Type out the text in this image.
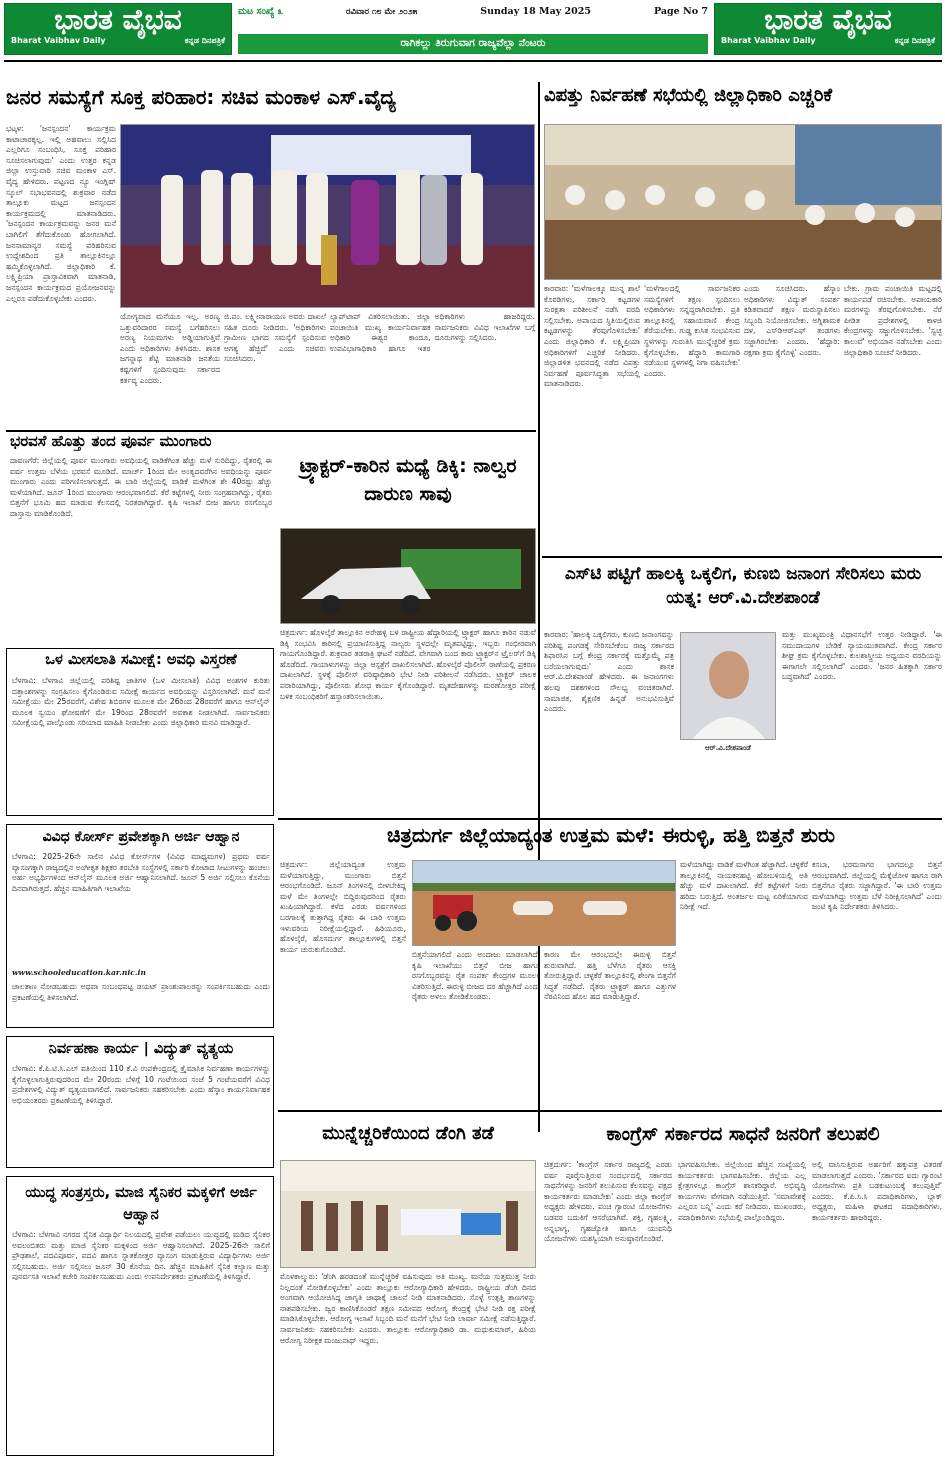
ಭಾರತ ವೈಭವ
Bharat Vaibhav Daily	ಕನ್ನಡ ದಿನಪತ್ರಿಕೆ
ಭಾರತ ವೈಭವ
Bharat Vaibhav Daily	ಕನ್ನಡ ದಿನಪತ್ರಿಕೆ
ಮಟ ಸಂಖ್ಯೆ ೩	ರವಿವಾರ ೧೮ ಮೇ ೨೦೨೫	Sunday 18 May 2025	Page No 7
ರಾಗಿಕಲ್ಲು ತಿರುಗುವಾಗ ರಾಜ್ಯವೆಲ್ಲಾ ನೆಂಟರು
ಜನರ ಸಮಸ್ಯೆಗೆ ಸೂಕ್ತ ಪರಿಹಾರ: ಸಚಿವ ಮಂಕಾಳ ಎಸ್.ವೈದ್ಯ
ಭಟ್ಕಳ: 'ಜನಸ್ಪಂದನ' ಕಾರ್ಯಕ್ರಮ ಕಾಟಾಚಾರಕ್ಕಲ್ಲ. ಇಲ್ಲಿ ಅಹವಾಲು ಸಲ್ಲಿಸಿದ ಎಲ್ಲರಿಗೂ ಸಂಬಂಧಿಸಿ, ಸೂಕ್ತ ಪರಿಹಾರ ಸೂಚಿಸಲಾಗುವುದು' ಎಂದು ಉತ್ತರ ಕನ್ನಡ ಜಿಲ್ಲಾ ಉಸ್ತುವಾರಿ ಸಚಿವ ಮಂಕಾಳ ಎಸ್. ವೈದ್ಯ ಹೇಳಿದರು. ಪಟ್ಟಣದ ನ್ಯೂ ಇಂಗ್ಲಿಷ್ ಸ್ಕೂಲ್ ಸಭಾಭವನದಲ್ಲಿ ಶುಕ್ರವಾರ ನಡೆದ ತಾಲ್ಲೂಕು ಮಟ್ಟದ ಜನಸ್ಪಂದನ ಕಾರ್ಯಕ್ರಮದಲ್ಲಿ ಮಾತನಾಡಿದರು. 'ಜನಸ್ಪಂದನ ಕಾರ್ಯಕ್ರಮವನ್ನು ಜನರ ಮನೆ ಬಾಗಿಲಿಗೆ ತೆಗೆದುಕೊಂಡು ಹೋಗಲಾಗಿದೆ. ಜನಸಾಮಾನ್ಯರ ಸಮಸ್ಯೆ ಪರಿಹರಿಸುವ ಉದ್ದೇಶದಿಂದ ಪ್ರತಿ ತಾಲ್ಲೂಕಿನಲ್ಲೂ ಹಮ್ಮಿಕೊಳ್ಳಲಾಗಿದೆ. ಜಿಲ್ಲಾಧಿಕಾರಿ ಕೆ. ಲಕ್ಷ್ಮಿಪ್ರಿಯಾ ಪ್ರಾಸ್ತಾವಿಕವಾಗಿ ಮಾತನಾಡಿ, ಜನಸ್ಪಂದನ ಕಾರ್ಯಕ್ರಮದ ಪ್ರಯೋಜನವನ್ನು ಎಲ್ಲರೂ ಪಡೆದುಕೊಳ್ಳಬೇಕು ಎಂದರು.
ಯೋಗ್ಯವಾದ ಮನೆಯೂ ಇಲ್ಲ. ಅರಣ್ಯ ಒತ್ತುವರಿದಾರರ ಸಮಸ್ಯೆ ಬಗೆಹರಿಸಲು ಅರಣ್ಯ ನಿಯಮಗಳು ಅಡ್ಡಿಯಾಗುತ್ತಿವೆ ಎಂದು ಅಧಿಕಾರಿಗಳು ತಿಳಿಸಿದರು. ಶಾಸಕ ಜಗನ್ನಾಥ ಶೆಟ್ಟಿ ಮಾತನಾಡಿ ಜನತೆಯ ಕಷ್ಟಗಳಿಗೆ ಸ್ಪಂದಿಸುವುದು ಸರ್ಕಾರದ ಕರ್ತವ್ಯ ಎಂದರು.
ಜಿ.ಪಂ. ಲಕ್ಷ್ಮೀನಾರಾಯಣ ಅವರು ದಾಖಲೆ ಸಹಿತ ದೂರು ನೀಡಿದರು. 'ಅಧಿಕಾರಿಗಳು ಗ್ರಾಮೀಣ ಭಾಗದ ಸಮಸ್ಯೆಗೆ ಸ್ಪಂದಿಸುವ ಅಗತ್ಯ ಹೆಚ್ಚಿದೆ' ಎಂದು ಸಚಿವರು ಸೂಚಿಸಿದರು.
ಲ್ಯಾಪ್‌ಟಾಪ್ ವಿತರಿಸಲಾಯಿತು. ಜಿಲ್ಲಾ ಪಂಚಾಯಿತಿ ಮುಖ್ಯ ಕಾರ್ಯನಿರ್ವಾಹಕ ಅಧಿಕಾರಿ ಈಶ್ವರ ಕಾಂದೂ, ಉಪವಿಭಾಗಾಧಿಕಾರಿ ಹಾಗೂ ಇತರ ಅಧಿಕಾರಿಗಳು ಹಾಜರಿದ್ದರು. ಸಾರ್ವಜನಿಕರು ವಿವಿಧ ಇಲಾಖೆಗಳ ಬಗ್ಗೆ ದೂರುಗಳನ್ನು ಸಲ್ಲಿಸಿದರು.
ವಿಪತ್ತು ನಿರ್ವಹಣೆ ಸಭೆಯಲ್ಲಿ ಜಿಲ್ಲಾಧಿಕಾರಿ ಎಚ್ಚರಿಕೆ
ಕಾರವಾರ: 'ಮಳೆಗಾಲಕ್ಕೂ ಮುನ್ನ ಶಾಲೆ ಕೊಠಡಿಗಳು, ಸರ್ಕಾರಿ ಕಟ್ಟಡಗಳ ಸುರಕ್ಷತಾ ಪರಿಶೀಲನೆ ನಡೆಸಿ ವರದಿ ಸಲ್ಲಿಸಬೇಕು. ಅಪಾಯದ ಸ್ಥಿತಿಯಲ್ಲಿರುವ ಕಟ್ಟಡಗಳನ್ನು ತೆರವುಗೊಳಿಸಬೇಕು' ಎಂದು ಜಿಲ್ಲಾಧಿಕಾರಿ ಕೆ. ಲಕ್ಷ್ಮಿಪ್ರಿಯಾ ಅಧಿಕಾರಿಗಳಿಗೆ ಎಚ್ಚರಿಕೆ ನೀಡಿದರು. ಜಿಲ್ಲಾಡಳಿತ ಭವನದಲ್ಲಿ ನಡೆದ ವಿಪತ್ತು ನಿರ್ವಹಣೆ ಪೂರ್ವಸಿದ್ಧತಾ ಸಭೆಯಲ್ಲಿ ಮಾತನಾಡಿದರು.
'ಮಳೆಗಾಲದಲ್ಲಿ ಸಾರ್ವಜನಿಕರ ಸಮಸ್ಯೆಗಳಿಗೆ ತಕ್ಷಣ ಸ್ಪಂದಿಸಲು ಅಧಿಕಾರಿಗಳು ಸನ್ನದ್ಧರಾಗಿರಬೇಕು. ಪ್ರತಿ ತಾಲ್ಲೂಕಿನಲ್ಲಿ ಸಹಾಯವಾಣಿ ಕೇಂದ್ರ ತೆರೆಯಬೇಕು. ಗುಡ್ಡ ಕುಸಿತ ಸಂಭವಿಸುವ ಸ್ಥಳಗಳನ್ನು ಗುರುತಿಸಿ ಮುನ್ನೆಚ್ಚರಿಕೆ ಕ್ರಮ ಕೈಗೊಳ್ಳಬೇಕು. ಹೆದ್ದಾರಿ ಕಾಮಗಾರಿ ನಡೆಯುವ ಸ್ಥಳಗಳಲ್ಲಿ ನಿಗಾ ವಹಿಸಬೇಕು' ಎಂದರು.
ಎಂದು ಸೂಚಿಸಿದರು. ಹೆಸ್ಕಾಂ ಅಧಿಕಾರಿಗಳು ವಿದ್ಯುತ್ ಸಂಪರ್ಕ ಕಡಿತವಾದರೆ ತಕ್ಷಣ ಮರುಸ್ಥಾಪಿಸಲು ಸಿಬ್ಬಂದಿ ನಿಯೋಜಿಸಬೇಕು. ಅಗ್ನಿಶಾಮಕ ದಳ, ಎಸ್‌ಡಿಆರ್‌ಎಫ್ ತಂಡಗಳು ಸಜ್ಜಾಗಿರಬೇಕು ಎಂದರು. 'ಹೆದ್ದಾರಿ: ರಕ್ಷಣಾ ಕ್ರಮ ಕೈಗೊಳ್ಳಿ' ಎಂದರು.
ಬೇಕು. ಗ್ರಾಮ ಪಂಚಾಯಿತಿ ಮಟ್ಟದಲ್ಲಿ ಕಾರ್ಯಪಡೆ ರಚಿಸಬೇಕು. ಅಪಾಯಕಾರಿ ಮರಗಳನ್ನು ತೆರವುಗೊಳಿಸಬೇಕು. ನೆರೆ ಪೀಡಿತ ಪ್ರದೇಶಗಳಲ್ಲಿ ಕಾಳಜಿ ಕೇಂದ್ರಗಳನ್ನು ಸಜ್ಜುಗೊಳಿಸಬೇಕು. 'ಸ್ವಚ್ಛ ಕಾಲುವೆ' ಅಭಿಯಾನ ನಡೆಸಬೇಕು ಎಂದು ಜಿಲ್ಲಾಧಿಕಾರಿ ಸೂಚನೆ ನೀಡಿದರು.
ಭರವಸೆ ಹೊತ್ತು ತಂದ ಪೂರ್ವ ಮುಂಗಾರು
ದಾವಣಗೆರೆ: ಜಿಲ್ಲೆಯಲ್ಲಿ ಪೂರ್ವ ಮುಂಗಾರು ಅವಧಿಯಲ್ಲಿ ವಾಡಿಕೆಗಿಂತ ಹೆಚ್ಚು ಮಳೆ ಸುರಿದಿದ್ದು, ರೈತರಲ್ಲಿ ಈ ವರ್ಷ ಉತ್ತಮ ಬೆಳೆಯ ಭರವಸೆ ಮೂಡಿದೆ. ಮಾರ್ಚ್ 1ರಿಂದ ಮೇ ಅಂತ್ಯದವರೆಗಿನ ಅವಧಿಯನ್ನು ಪೂರ್ವ ಮುಂಗಾರು ಎಂದು ಪರಿಗಣಿಸಲಾಗುತ್ತದೆ. ಈ ಬಾರಿ ಜಿಲ್ಲೆಯಲ್ಲಿ ವಾಡಿಕೆ ಮಳೆಗಿಂತ ಶೇ 40ರಷ್ಟು ಹೆಚ್ಚು ಮಳೆಯಾಗಿದೆ. ಜೂನ್ 1ರಿಂದ ಮುಂಗಾರು ಆರಂಭವಾಗಲಿದೆ. ಕೆರೆ ಕಟ್ಟೆಗಳಲ್ಲಿ ನೀರು ಸಂಗ್ರಹವಾಗಿದ್ದು, ರೈತರು ಬಿತ್ತನೆಗೆ ಭೂಮಿ ಹದ ಮಾಡುವ ಕೆಲಸದಲ್ಲಿ ನಿರತರಾಗಿದ್ದಾರೆ. ಕೃಷಿ ಇಲಾಖೆ ಬೀಜ ಹಾಗೂ ರಸಗೊಬ್ಬರ ದಾಸ್ತಾನು ಮಾಡಿಕೊಂಡಿದೆ.
ಟ್ರ್ಯಾಕ್ಟರ್-ಕಾರಿನ ಮಧ್ಯೆ ಡಿಕ್ಕಿ: ನಾಲ್ವರ ದಾರುಣ ಸಾವು
ಚಿತ್ರದುರ್ಗ: ಹೊಳಲ್ಕೆರೆ ತಾಲ್ಲೂಕಿನ ಅರೇಹಳ್ಳಿ ಬಳಿ ರಾಷ್ಟ್ರೀಯ ಹೆದ್ದಾರಿಯಲ್ಲಿ ಟ್ರ್ಯಾಕ್ಟರ್ ಹಾಗೂ ಕಾರಿನ ನಡುವೆ ಡಿಕ್ಕಿ ಸಂಭವಿಸಿ ಕಾರಿನಲ್ಲಿ ಪ್ರಯಾಣಿಸುತ್ತಿದ್ದ ನಾಲ್ವರು ಸ್ಥಳದಲ್ಲೇ ಮೃತಪಟ್ಟಿದ್ದು, ಇಬ್ಬರು ಗಂಭೀರವಾಗಿ ಗಾಯಗೊಂಡಿದ್ದಾರೆ. ಶುಕ್ರವಾರ ತಡರಾತ್ರಿ ಘಟನೆ ನಡೆದಿದೆ. ವೇಗವಾಗಿ ಬಂದ ಕಾರು ಟ್ರ್ಯಾಕ್ಟರ್‌ನ ಟ್ರೈಲರ್‌ಗೆ ಡಿಕ್ಕಿ ಹೊಡೆದಿದೆ. ಗಾಯಾಳುಗಳನ್ನು ಜಿಲ್ಲಾ ಆಸ್ಪತ್ರೆಗೆ ದಾಖಲಿಸಲಾಗಿದೆ. ಹೊಳಲ್ಕೆರೆ ಪೊಲೀಸ್ ಠಾಣೆಯಲ್ಲಿ ಪ್ರಕರಣ ದಾಖಲಾಗಿದೆ. ಸ್ಥಳಕ್ಕೆ ಪೊಲೀಸ್ ವರಿಷ್ಠಾಧಿಕಾರಿ ಭೇಟಿ ನೀಡಿ ಪರಿಶೀಲನೆ ನಡೆಸಿದರು. ಟ್ರ್ಯಾಕ್ಟರ್ ಚಾಲಕ ಪರಾರಿಯಾಗಿದ್ದು, ಪೊಲೀಸರು ಶೋಧ ಕಾರ್ಯ ಕೈಗೊಂಡಿದ್ದಾರೆ. ಮೃತದೇಹಗಳನ್ನು ಮರಣೋತ್ತರ ಪರೀಕ್ಷೆ ಬಳಿಕ ಸಂಬಂಧಿಕರಿಗೆ ಹಸ್ತಾಂತರಿಸಲಾಯಿತು.
ಎಸ್‌ಟಿ ಪಟ್ಟಿಗೆ ಹಾಲಕ್ಕಿ ಒಕ್ಕಲಿಗ, ಕುಣಬಿ ಜನಾಂಗ ಸೇರಿಸಲು ಮರು ಯತ್ನ: ಆರ್.ವಿ.ದೇಶಪಾಂಡೆ
ಕಾರವಾರ: 'ಹಾಲಕ್ಕಿ ಒಕ್ಕಲಿಗರು, ಕುಣಬಿ ಜನಾಂಗವನ್ನು ಪರಿಶಿಷ್ಟ ಪಂಗಡಕ್ಕೆ ಸೇರಿಸಬೇಕೆಂಬ ರಾಜ್ಯ ಸರ್ಕಾರದ ಶಿಫಾರಸಿನ ಬಗ್ಗೆ ಕೇಂದ್ರ ಸರ್ಕಾರಕ್ಕೆ ಮತ್ತೊಮ್ಮೆ ಪತ್ರ ಬರೆಯಲಾಗುವುದು' ಎಂದು ಶಾಸಕ ಆರ್.ವಿ.ದೇಶಪಾಂಡೆ ಹೇಳಿದರು. ಈ ಜನಾಂಗಗಳು ಹಲವು ದಶಕಗಳಿಂದ ಸೌಲಭ್ಯ ವಂಚಿತರಾಗಿವೆ. ಸಾಮಾಜಿಕ, ಶೈಕ್ಷಣಿಕ ಹಿನ್ನಡೆ ಅನುಭವಿಸುತ್ತಿವೆ ಎಂದರು.
ಆರ್.ವಿ.ದೇಶಪಾಂಡೆ
ಮತ್ತು ಮುಖ್ಯಮಂತ್ರಿ ವಿಧಾನಸಭೆಗೆ ಉತ್ತರ ನೀಡಿದ್ದಾರೆ. 'ಈ ಸಮುದಾಯಗಳ ಬೇಡಿಕೆ ನ್ಯಾಯಯುತವಾಗಿದೆ. ಕೇಂದ್ರ ಸರ್ಕಾರ ಶೀಘ್ರ ಕ್ರಮ ಕೈಗೊಳ್ಳಬೇಕು. ಕುಲಶಾಸ್ತ್ರೀಯ ಅಧ್ಯಯನ ವರದಿಯನ್ನು ಈಗಾಗಲೇ ಸಲ್ಲಿಸಲಾಗಿದೆ' ಎಂದರು. 'ಜನರ ಹಿತಕ್ಕಾಗಿ ಸರ್ಕಾರ ಬದ್ಧವಾಗಿದೆ' ಎಂದರು.
ಒಳ ಮೀಸಲಾತಿ ಸಮೀಕ್ಷೆ: ಅವಧಿ ವಿಸ್ತರಣೆ
ಬೆಳಗಾವಿ: ಬೆಳಗಾವಿ ಜಿಲ್ಲೆಯಲ್ಲಿ ಪರಿಶಿಷ್ಟ ಜಾತಿಗಳ (ಒಳ ಮೀಸಲಾತಿ) ವಿವಿಧ ಅಂಶಗಳ ಕುರಿತು ದತ್ತಾಂಶಗಳನ್ನು ಸಂಗ್ರಹಿಸಲು ಕೈಗೊಂಡಿರುವ ಸಮೀಕ್ಷೆ ಕಾರ್ಯದ ಅವಧಿಯನ್ನು ವಿಸ್ತರಿಸಲಾಗಿದೆ. ಮನೆ ಮನೆ ಸಮೀಕ್ಷೆಯು ಮೇ 25ರವರೆಗೆ, ವಿಶೇಷ ಶಿಬಿರಗಳ ಮೂಲಕ ಮೇ 26ರಿಂದ 28ರವರೆಗೆ ಹಾಗೂ ಆನ್‌ಲೈನ್ ಮೂಲಕ ಸ್ವಯಂ ಘೋಷಣೆಗೆ ಮೇ 19ರಿಂದ 28ರವರೆಗೆ ಅವಕಾಶ ನೀಡಲಾಗಿದೆ. ಸಾರ್ವಜನಿಕರು ಸಮೀಕ್ಷೆಯಲ್ಲಿ ಪಾಲ್ಗೊಂಡು ಸರಿಯಾದ ಮಾಹಿತಿ ನೀಡಬೇಕು ಎಂದು ಜಿಲ್ಲಾಧಿಕಾರಿ ಮನವಿ ಮಾಡಿದ್ದಾರೆ.
ವಿವಿಧ ಕೋರ್ಸ್ ಪ್ರವೇಶಕ್ಕಾಗಿ ಅರ್ಜಿ ಆಹ್ವಾನ
ಬೆಳಗಾವಿ: 2025-26ನೇ ಸಾಲಿನ ವಿವಿಧ ಕೋರ್ಸ್‌ಗಳ (ವಿವಿಧ ಮಾಧ್ಯಮಗಳ) ಪ್ರಥಮ ವರ್ಷ ವ್ಯಾಸಂಗಕ್ಕಾಗಿ ರಾಜ್ಯದಲ್ಲಿನ ಅಂಗೀಕೃತ ಶಿಕ್ಷಕರ ತರಬೇತಿ ಸಂಸ್ಥೆಗಳಲ್ಲಿ ಸರ್ಕಾರಿ ಕೋಟಾದ ಸೀಟುಗಳನ್ನು ಹಂಚಲು ಅರ್ಹ ಅಭ್ಯರ್ಥಿಗಳಿಂದ ಆನ್‌ಲೈನ್ ಮೂಲಕ ಅರ್ಜಿ ಆಹ್ವಾನಿಸಲಾಗಿದೆ. ಜೂನ್ 5 ಅರ್ಜಿ ಸಲ್ಲಿಸಲು ಕೊನೆಯ ದಿನವಾಗಿರುತ್ತದೆ. ಹೆಚ್ಚಿನ ಮಾಹಿತಿಗಾಗಿ ಇಲಾಖೆಯ
www.schooleducation.kar.nic.in
ಜಾಲತಾಣ ನೋಡಬಹುದು ಅಥವಾ ಸಂಬಂಧಪಟ್ಟ ಡಯಟ್ ಪ್ರಾಂಶುಪಾಲರನ್ನು ಸಂಪರ್ಕಿಸಬಹುದು ಎಂದು ಪ್ರಕಟಣೆಯಲ್ಲಿ ತಿಳಿಸಲಾಗಿದೆ.
ನಿರ್ವಹಣಾ ಕಾರ್ಯ | ವಿದ್ಯುತ್ ವ್ಯತ್ಯಯ
ಬೆಳಗಾವಿ: ಕೆ.ಪಿ.ಟಿ.ಸಿ.ಎಲ್ ವತಿಯಿಂದ 110 ಕೆ.ವಿ ಉಪಕೇಂದ್ರದಲ್ಲಿ ತ್ರೈಮಾಸಿಕ ನಿರ್ವಹಣಾ ಕಾರ್ಯಗಳನ್ನು ಕೈಗೊಳ್ಳಲಾಗುತ್ತಿರುವುದರಿಂದ ಮೇ 20ರಂದು ಬೆಳಿಗ್ಗೆ 10 ಗಂಟೆಯಿಂದ ಸಂಜೆ 5 ಗಂಟೆಯವರೆಗೆ ವಿವಿಧ ಪ್ರದೇಶಗಳಲ್ಲಿ ವಿದ್ಯುತ್ ವ್ಯತ್ಯಯವಾಗಲಿದೆ. ಸಾರ್ವಜನಿಕರು ಸಹಕರಿಸಬೇಕು ಎಂದು ಹೆಸ್ಕಾಂ ಕಾರ್ಯನಿರ್ವಾಹಕ ಅಭಿಯಂತರರು ಪ್ರಕಟಣೆಯಲ್ಲಿ ತಿಳಿಸಿದ್ದಾರೆ.
ಯುದ್ಧ ಸಂತ್ರಸ್ತರು, ಮಾಜಿ ಸೈನಿಕರ ಮಕ್ಕಳಿಗೆ ಅರ್ಜಿ ಆಹ್ವಾನ
ಬೆಳಗಾವಿ: ಬೆಳಗಾವಿ ನಗರದ ಸೈನಿಕ ವಿದ್ಯಾರ್ಥಿ ನಿಲಯದಲ್ಲಿ ಪ್ರವೇಶ ಪಡೆಯಲು ಯುದ್ಧದಲ್ಲಿ ಮಡಿದ ಸೈನಿಕರ ಅವಲಂಬಿತರು ಮತ್ತು ಮಾಜಿ ಸೈನಿಕರ ಮಕ್ಕಳಿಂದ ಅರ್ಜಿ ಆಹ್ವಾನಿಸಲಾಗಿದೆ. 2025-26ನೇ ಸಾಲಿಗೆ ಪ್ರೌಢಶಾಲೆ, ಪದವಿಪೂರ್ವ, ಪದವಿ ಹಾಗೂ ಸ್ನಾತಕೋತ್ತರ ವ್ಯಾಸಂಗ ಮಾಡುತ್ತಿರುವ ವಿದ್ಯಾರ್ಥಿಗಳು ಅರ್ಜಿ ಸಲ್ಲಿಸಬಹುದು. ಅರ್ಜಿ ಸಲ್ಲಿಸಲು ಜೂನ್ 30 ಕೊನೆಯ ದಿನ. ಹೆಚ್ಚಿನ ಮಾಹಿತಿಗೆ ಸೈನಿಕ ಕಲ್ಯಾಣ ಮತ್ತು ಪುನರ್ವಸತಿ ಇಲಾಖೆ ಕಚೇರಿ ಸಂಪರ್ಕಿಸಬಹುದು ಎಂದು ಉಪನಿರ್ದೇಶಕರು ಪ್ರಕಟಣೆಯಲ್ಲಿ ತಿಳಿಸಿದ್ದಾರೆ.
ಚಿತ್ರದುರ್ಗ ಜಿಲ್ಲೆಯಾದ್ಯಂತ ಉತ್ತಮ ಮಳೆ: ಈರುಳ್ಳಿ, ಹತ್ತಿ ಬಿತ್ತನೆ ಶುರು
ಚಿತ್ರದುರ್ಗ: ಜಿಲ್ಲೆಯಾದ್ಯಂತ ಉತ್ತಮ ಮಳೆಯಾಗುತ್ತಿದ್ದು, ಮುಂಗಾರು ಬಿತ್ತನೆ ಆರಂಭಗೊಂಡಿದೆ. ಜೂನ್ ತಿಂಗಳಿನಲ್ಲಿ ಬೀಳಬೇಕಿದ್ದ ಮಳೆ ಮೇ ತಿಂಗಳಲ್ಲೇ ಬಿದ್ದಿರುವುದರಿಂದ ರೈತರು ಖುಷಿಯಾಗಿದ್ದಾರೆ. ಕಳೆದ ಎರಡು ವರ್ಷಗಳಿಂದ ಬರಗಾಲಕ್ಕೆ ತುತ್ತಾಗಿದ್ದ ರೈತರು ಈ ಬಾರಿ ಉತ್ತಮ ಇಳುವರಿಯ ನಿರೀಕ್ಷೆಯಲ್ಲಿದ್ದಾರೆ. ಹಿರಿಯೂರು, ಹೊಳಲ್ಕೆರೆ, ಹೊಸದುರ್ಗ ತಾಲ್ಲೂಕುಗಳಲ್ಲಿ ಬಿತ್ತನೆ ಕಾರ್ಯ ಚುರುಕುಗೊಂಡಿದೆ.
ಬಿತ್ತನೆಯಾಗಲಿದೆ ಎಂದು ಅಂದಾಜು ಮಾಡಲಾಗಿದೆ. ಕೃಷಿ ಇಲಾಖೆಯು ಬಿತ್ತನೆ ಬೀಜ ಹಾಗೂ ರಸಗೊಬ್ಬರವನ್ನು ರೈತ ಸಂಪರ್ಕ ಕೇಂದ್ರಗಳ ಮೂಲಕ ವಿತರಿಸುತ್ತಿದೆ. ಈರುಳ್ಳಿ ಬೀಜದ ದರ ಹೆಚ್ಚಾಗಿದೆ ಎಂದು ರೈತರು ಅಳಲು ತೋಡಿಕೊಂಡರು.
ಕಾರಣ ಮೇ ಆರಂಭದಲ್ಲೇ ಈರುಳ್ಳಿ ಬಿತ್ತನೆ ಶುರುವಾಗಿದೆ. ಹತ್ತಿ ಬೆಳೆಗೂ ರೈತರು ಆಸಕ್ತಿ ತೋರುತ್ತಿದ್ದಾರೆ. ಚಳ್ಳಕೆರೆ ತಾಲ್ಲೂಕಿನಲ್ಲಿ ಶೇಂಗಾ ಬಿತ್ತನೆಗೆ ಸಿದ್ಧತೆ ನಡೆದಿದೆ. ರೈತರು ಟ್ರ್ಯಾಕ್ಟರ್ ಹಾಗೂ ಎತ್ತುಗಳ ನೆರವಿನಿಂದ ಹೊಲ ಹದ ಮಾಡುತ್ತಿದ್ದಾರೆ.
ಮಳೆಯಾಗಿದ್ದು ವಾಡಿಕೆ ಮಳೆಗಿಂತ ಹೆಚ್ಚಾಗಿದೆ. ಚಳ್ಳಕೆರೆ ತಾಲ್ಲೂಕಿನಲ್ಲಿ ನಾಯಕನಹಟ್ಟಿ ಹೋಬಳಿಯಲ್ಲಿ ಅತಿ ಹೆಚ್ಚು ಮಳೆ ದಾಖಲಾಗಿದೆ. ಕೆರೆ ಕಟ್ಟೆಗಳಿಗೆ ನೀರು ಹರಿದು ಬರುತ್ತಿದೆ. ಅಂತರ್ಜಲ ಮಟ್ಟ ಏರಿಕೆಯಾಗುವ ನಿರೀಕ್ಷೆ ಇದೆ.
ಕಸಬಾ, ಭರಮಸಾಗರ ಭಾಗದಲ್ಲೂ ಬಿತ್ತನೆ ಆರಂಭವಾಗಿದೆ. ಜಿಲ್ಲೆಯಲ್ಲಿ ಮೆಕ್ಕೆಜೋಳ ಹಾಗೂ ರಾಗಿ ಬಿತ್ತನೆಗೂ ರೈತರು ಸಜ್ಜಾಗಿದ್ದಾರೆ. 'ಈ ಬಾರಿ ಉತ್ತಮ ಮಳೆಯಾಗಿದ್ದು ಉತ್ತಮ ಬೆಳೆ ನಿರೀಕ್ಷಿಸಲಾಗಿದೆ' ಎಂದು ಜಂಟಿ ಕೃಷಿ ನಿರ್ದೇಶಕರು ತಿಳಿಸಿದರು.
ಮುನ್ನೆಚ್ಚರಿಕೆಯಿಂದ ಡೆಂಗಿ ತಡೆ
ಮೊಳಕಾಲ್ಮುರು: 'ಡೆಂಗಿ ಹರಡದಂತೆ ಮುನ್ನೆಚ್ಚರಿಕೆ ವಹಿಸುವುದು ಅತಿ ಮುಖ್ಯ. ಮನೆಯ ಸುತ್ತಮುತ್ತ ನೀರು ನಿಲ್ಲದಂತೆ ನೋಡಿಕೊಳ್ಳಬೇಕು' ಎಂದು ತಾಲ್ಲೂಕು ಆರೋಗ್ಯಾಧಿಕಾರಿ ಹೇಳಿದರು. ರಾಷ್ಟ್ರೀಯ ಡೆಂಗಿ ದಿನದ ಅಂಗವಾಗಿ ಆಯೋಜಿಸಿದ್ದ ಜಾಗೃತಿ ಜಾಥಾಕ್ಕೆ ಚಾಲನೆ ನೀಡಿ ಮಾತನಾಡಿದರು. ಸೊಳ್ಳೆ ಉತ್ಪತ್ತಿ ತಾಣಗಳನ್ನು ನಾಶಪಡಿಸಬೇಕು. ಜ್ವರ ಕಾಣಿಸಿಕೊಂಡರೆ ತಕ್ಷಣ ಸಮೀಪದ ಆರೋಗ್ಯ ಕೇಂದ್ರಕ್ಕೆ ಭೇಟಿ ನೀಡಿ ರಕ್ತ ಪರೀಕ್ಷೆ ಮಾಡಿಸಿಕೊಳ್ಳಬೇಕು. ಆರೋಗ್ಯ ಇಲಾಖೆ ಸಿಬ್ಬಂದಿ ಮನೆ ಮನೆಗೆ ಭೇಟಿ ನೀಡಿ ಲಾರ್ವಾ ಸಮೀಕ್ಷೆ ನಡೆಸುತ್ತಿದ್ದಾರೆ. ಸಾರ್ವಜನಿಕರು ಸಹಕರಿಸಬೇಕು ಎಂದರು. ತಾಲ್ಲೂಕು ಆರೋಗ್ಯಾಧಿಕಾರಿ ಡಾ. ಮಧುಕುಮಾರ್, ಹಿರಿಯ ಆರೋಗ್ಯ ನಿರೀಕ್ಷಕ ಮಂಜುನಾಥ್ ಇದ್ದರು.
ಕಾಂಗ್ರೆಸ್ ಸರ್ಕಾರದ ಸಾಧನೆ ಜನರಿಗೆ ತಲುಪಲಿ
ಚಿತ್ರದುರ್ಗ: 'ಕಾಂಗ್ರೆಸ್ ಸರ್ಕಾರ ರಾಜ್ಯದಲ್ಲಿ ಎರಡು ವರ್ಷ ಪೂರೈಸುತ್ತಿರುವ ಸಂದರ್ಭದಲ್ಲಿ ಸರ್ಕಾರದ ಸಾಧನೆಗಳನ್ನು ಜನರಿಗೆ ತಲುಪಿಸುವ ಕೆಲಸವನ್ನು ಪಕ್ಷದ ಕಾರ್ಯಕರ್ತರು ಮಾಡಬೇಕು' ಎಂದು ಜಿಲ್ಲಾ ಕಾಂಗ್ರೆಸ್ ಅಧ್ಯಕ್ಷರು ಹೇಳಿದರು. ಪಂಚ ಗ್ಯಾರಂಟಿ ಯೋಜನೆಗಳು ಬಡವರ ಬದುಕಿಗೆ ಆಸರೆಯಾಗಿವೆ. ಶಕ್ತಿ, ಗೃಹಲಕ್ಷ್ಮಿ, ಅನ್ನಭಾಗ್ಯ, ಗೃಹಜ್ಯೋತಿ ಹಾಗೂ ಯುವನಿಧಿ ಯೋಜನೆಗಳು ಯಶಸ್ವಿಯಾಗಿ ಅನುಷ್ಠಾನಗೊಂಡಿವೆ.
ಭಾಗವಹಿಸಬೇಕು. ಜಿಲ್ಲೆಯಿಂದ ಹೆಚ್ಚಿನ ಸಂಖ್ಯೆಯಲ್ಲಿ ಕಾರ್ಯಕರ್ತರು ಭಾಗವಹಿಸಬೇಕು. ಜಿಲ್ಲೆಯ ಎಲ್ಲ ಕ್ಷೇತ್ರಗಳಲ್ಲೂ ಕಾಂಗ್ರೆಸ್ ಶಾಸಕರಿದ್ದಾರೆ. ಅಭಿವೃದ್ಧಿ ಕಾರ್ಯಗಳು ವೇಗವಾಗಿ ನಡೆಯುತ್ತಿವೆ. 'ಸಮಾವೇಶಕ್ಕೆ ಎಲ್ಲರೂ ಬನ್ನಿ' ಎಂದು ಕರೆ ನೀಡಿದರು. ಮುಖಂಡರು, ಪದಾಧಿಕಾರಿಗಳು ಸಭೆಯಲ್ಲಿ ಪಾಲ್ಗೊಂಡಿದ್ದರು.
ಅಲ್ಲಿ ವಾಸಿಸುತ್ತಿರುವ ಅರ್ಹರಿಗೆ ಹಕ್ಕುಪತ್ರ ವಿತರಣೆ ಮಾಡಲಾಗುತ್ತದೆ ಎಂದರು. 'ಸರ್ಕಾರದ ಐದು ಗ್ಯಾರಂಟಿ ಯೋಜನೆಗಳು ಪ್ರತಿ ಬಡಕುಟುಂಬಕ್ಕೆ ತಲುಪುತ್ತಿವೆ' ಎಂದರು. ಕೆ.ಪಿ.ಸಿ.ಸಿ ಪದಾಧಿಕಾರಿಗಳು, ಬ್ಲಾಕ್ ಅಧ್ಯಕ್ಷರು, ಮಹಿಳಾ ಘಟಕದ ಪದಾಧಿಕಾರಿಗಳು, ಕಾರ್ಯಕರ್ತರು ಹಾಜರಿದ್ದರು.
